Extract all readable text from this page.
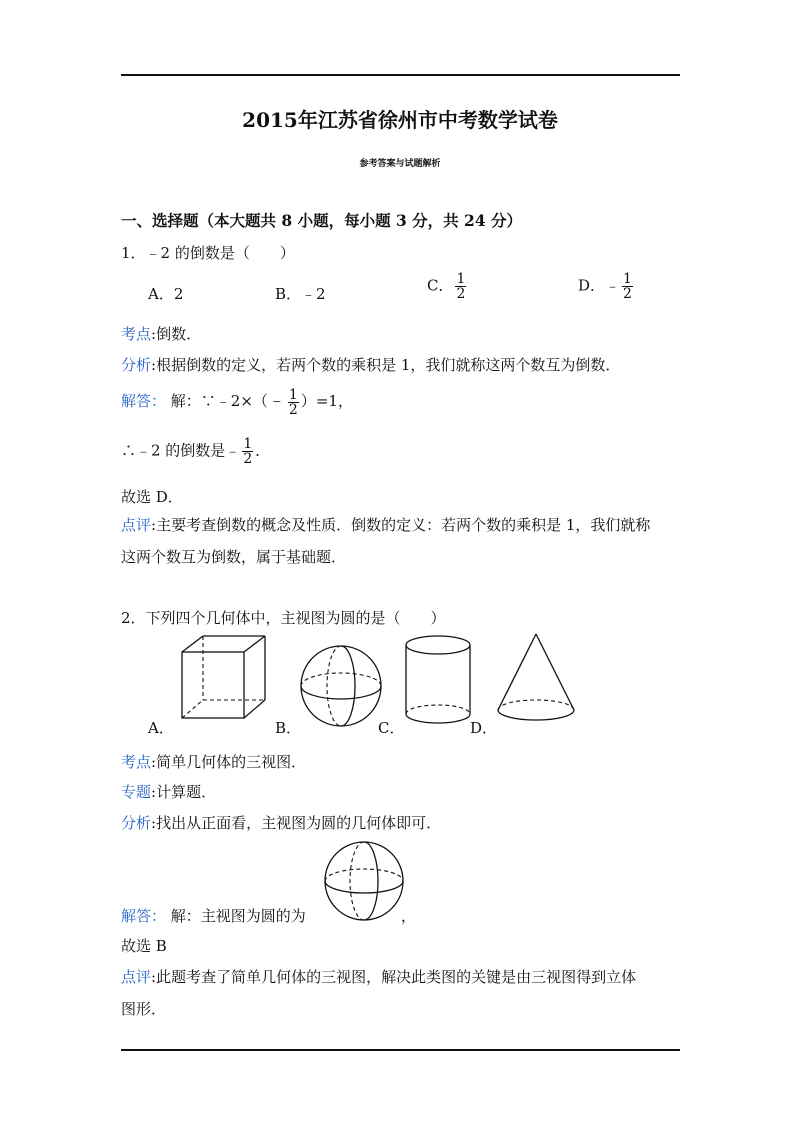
2015年江苏省徐州市中考数学试卷
参考答案与试题解析
一、选择题（本大题共 8 小题，每小题 3 分，共 24 分）
1．﹣2 的倒数是（　　）
A．2	B．﹣2	C． $\frac{1}{2}$	D．﹣ $\frac{1}{2}$
考点:倒数．
分析:根据倒数的定义，若两个数的乘积是 1，我们就称这两个数互为倒数．
解答： 解：∵﹣2×（﹣ $\frac{1}{2} )=1$，
∴﹣2 的倒数是﹣ $\frac{1}{2}$ ．
故选 D．
点评:主要考查倒数的概念及性质．倒数的定义：若两个数的乘积是 1，我们就称
这两个数互为倒数，属于基础题．
2．下列四个几何体中，主视图为圆的是（　　）
A．	B．	C．	D．
考点:简单几何体的三视图．
专题:计算题．
分析:找出从正面看，主视图为圆的几何体即可．
解答： 解：主视图为圆的为	，
故选 B
点评:此题考查了简单几何体的三视图，解决此类图的关键是由三视图得到立体
图形．
